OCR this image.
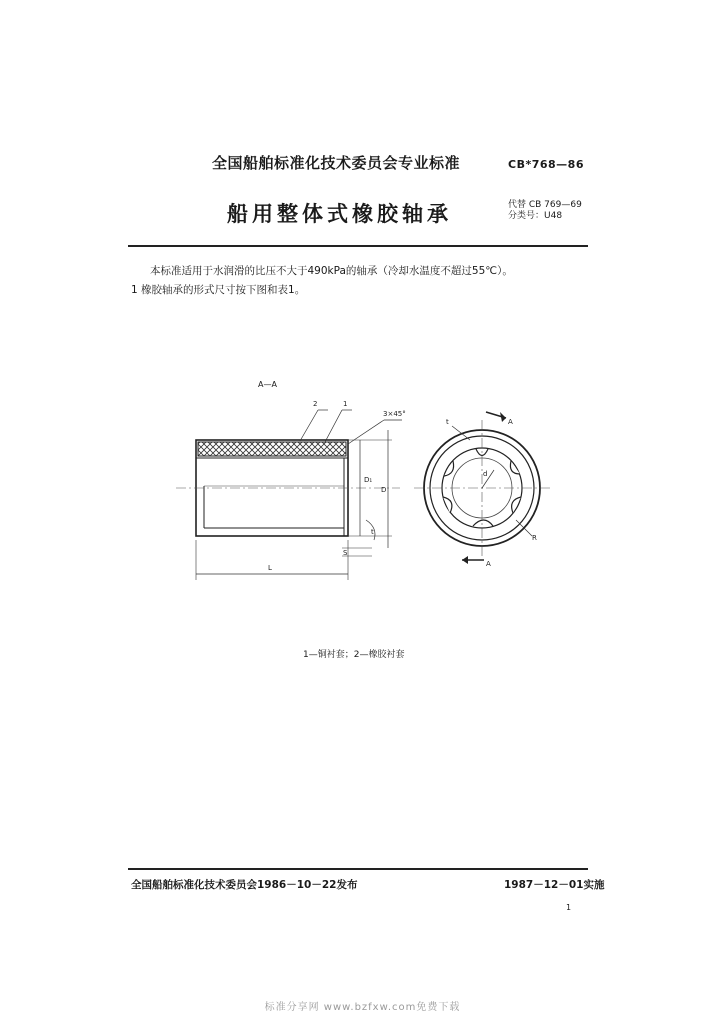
全国船舶标准化技术委员会专业标准	CB*768—86
船用整体式橡胶轴承	代替 CB 769—69
分类号：U48
本标准适用于水润滑的比压不大于490kPa的轴承（冷却水温度不超过55℃）。
1 橡胶轴承的形式尺寸按下图和表1。
A—A
2	1
3×45°
D₁
D
L
S
t
A
A
t
d
R
1—铜衬套；2—橡胶衬套
全国船舶标准化技术委员会1986－10－22发布	1987－12－01实施
1
标准分享网 www.bzfxw.com免费下载
